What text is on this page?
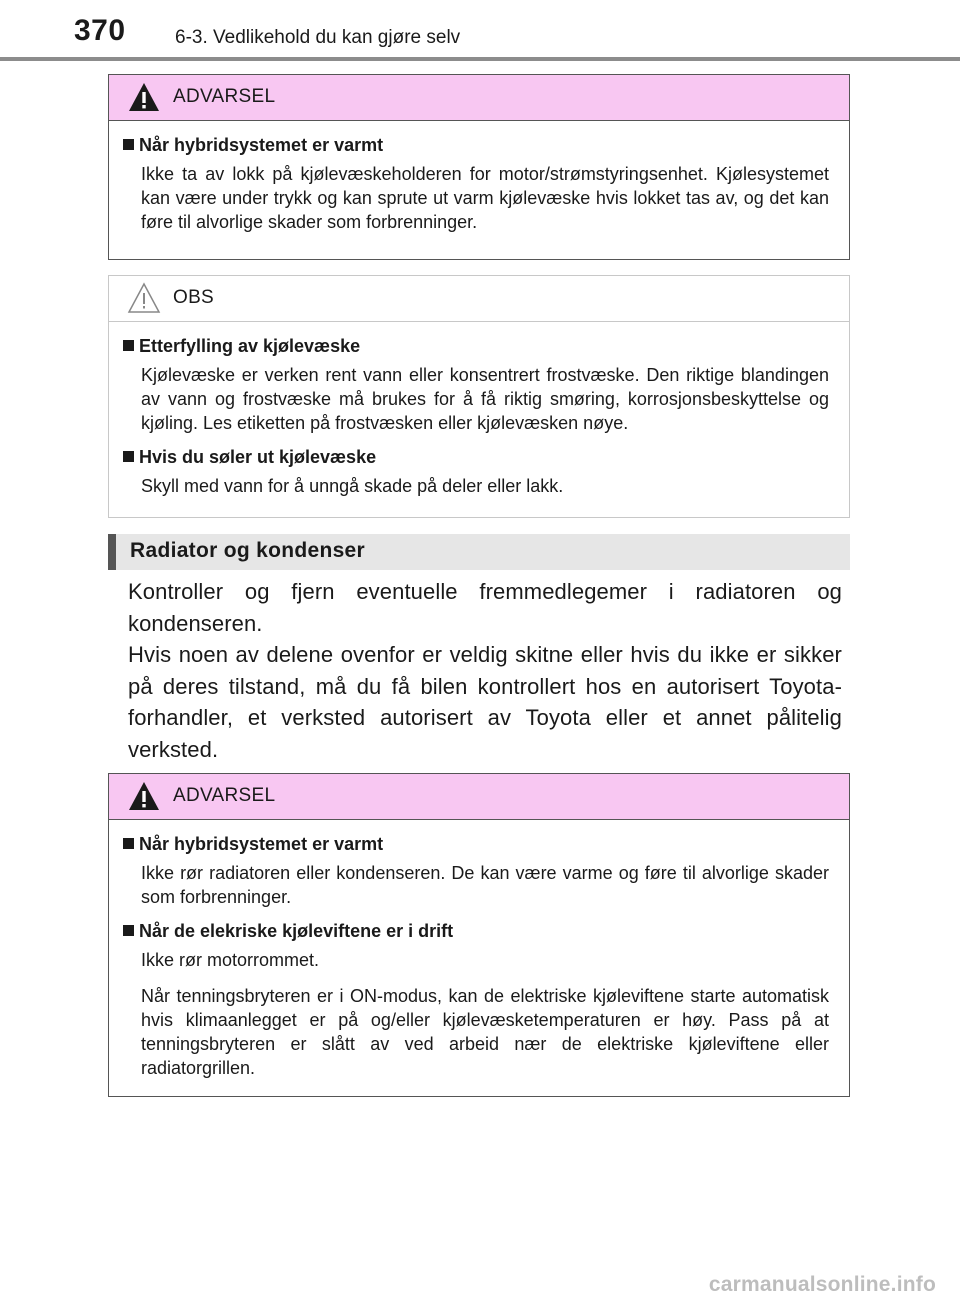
370	6-3. Vedlikehold du kan gjøre selv
ADVARSEL
Når hybridsystemet er varmt
Ikke ta av lokk på kjølevæskeholderen for motor/strømstyringsenhet. Kjølesystemet kan være under trykk og kan sprute ut varm kjølevæske hvis lokket tas av, og det kan føre til alvorlige skader som forbrenninger.
OBS
Etterfylling av kjølevæske
Kjølevæske er verken rent vann eller konsentrert frostvæske. Den riktige blandingen av vann og frostvæske må brukes for å få riktig smøring, korrosjonsbeskyttelse og kjøling. Les etiketten på frostvæsken eller kjølevæsken nøye.
Hvis du søler ut kjølevæske
Skyll med vann for å unngå skade på deler eller lakk.
Radiator og kondenser

Kontroller og fjern eventuelle fremmedlegemer i radiatoren og kondenseren.

Hvis noen av delene ovenfor er veldig skitne eller hvis du ikke er sikker på deres tilstand, må du få bilen kontrollert hos en autorisert Toyota-forhandler, et verksted autorisert av Toyota eller et annet pålitelig verksted.

ADVARSEL
Når hybridsystemet er varmt
Ikke rør radiatoren eller kondenseren. De kan være varme og føre til alvorlige skader som forbrenninger.
Når de elekriske kjøleviftene er i drift
Ikke rør motorrommet.
Når tenningsbryteren er i ON-modus, kan de elektriske kjøleviftene starte automatisk hvis klimaanlegget er på og/eller kjølevæsketemperaturen er høy. Pass på at tenningsbryteren er slått av ved arbeid nær de elektriske kjøleviftene eller radiatorgrillen.
carmanualsonline.info
